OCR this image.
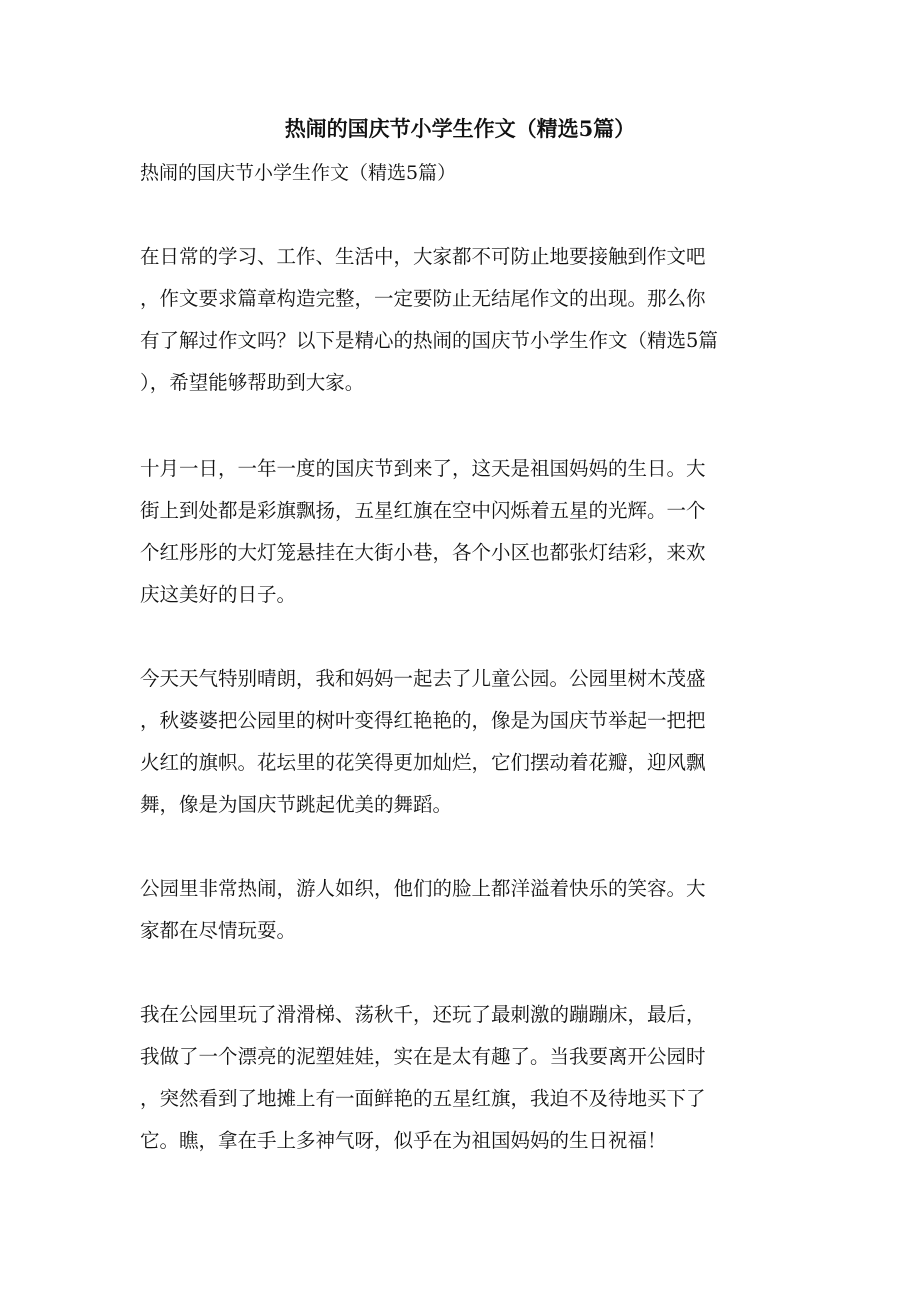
热闹的国庆节小学生作文（精选5篇）

热闹的国庆节小学生作文（精选5篇）

在日常的学习、工作、生活中，大家都不可防止地要接触到作文吧
，作文要求篇章构造完整，一定要防止无结尾作文的出现。那么你
有了解过作文吗？以下是精心的热闹的国庆节小学生作文（精选5篇
），希望能够帮助到大家。
十月一日，一年一度的国庆节到来了，这天是祖国妈妈的生日。大
街上到处都是彩旗飘扬，五星红旗在空中闪烁着五星的光辉。一个
个红彤彤的大灯笼悬挂在大街小巷，各个小区也都张灯结彩，来欢
庆这美好的日子。
今天天气特别晴朗，我和妈妈一起去了儿童公园。公园里树木茂盛
，秋婆婆把公园里的树叶变得红艳艳的，像是为国庆节举起一把把
火红的旗帜。花坛里的花笑得更加灿烂，它们摆动着花瓣，迎风飘
舞，像是为国庆节跳起优美的舞蹈。
公园里非常热闹，游人如织，他们的脸上都洋溢着快乐的笑容。大
家都在尽情玩耍。
我在公园里玩了滑滑梯、荡秋千，还玩了最刺激的蹦蹦床，最后，
我做了一个漂亮的泥塑娃娃，实在是太有趣了。当我要离开公园时
，突然看到了地摊上有一面鲜艳的五星红旗，我迫不及待地买下了
它。瞧，拿在手上多神气呀，似乎在为祖国妈妈的生日祝福！
